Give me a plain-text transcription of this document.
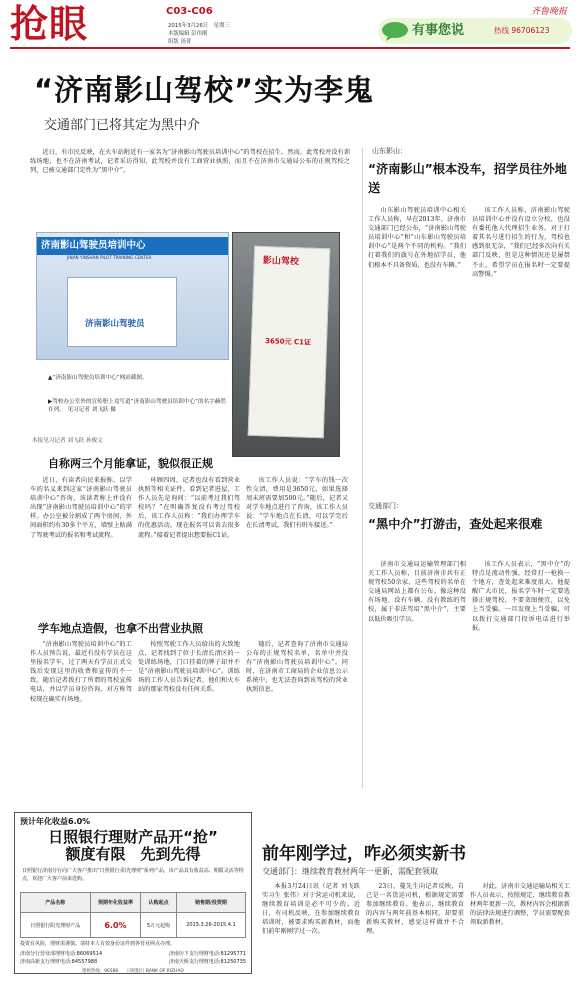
抢眼	C03-C06
2015年3月26日　星期三
本版编辑 彭伟刚
组版 汤菁
齐鲁晚报
有事您说	热线 96706123
“济南影山驾校”实为李鬼
交通部门已将其定为黑中介

近日，有市民反映，在火车站附近有一家名为“济南影山驾驶员培训中心”的驾校在招生。然而，此驾校并没有训练场地，也不在济南考试，记者采访得知，此驾校并没有工商营业执照，而且不在济南市交通局公布的正规驾校之列，已被交通部门定性为“黑中介”。

济南影山驾驶员培训中心
JINAN YINSHAN PILOT TRAINING CENTER
济南影山驾驶员
影山驾校
3650元 C1证
▲“济南影山驾驶员培训中心”网站截图。
▶驾校办公室外的宣传册上竟写道“济南影山驾驶员培训中心”的名字赫然在列。　见习记者 刘飞跃 摄
本报见习记者 刘飞跃 孙俊文
自称两三个月能拿证，貌似很正规

近日，有读者向民来报称，以学车的名义来到这家“济南影山驾驶员培训中心”咨询，该读者称上并没有出现“济南影山驾驶员培训中心”的字样。办公室被分割成了两个房间，外间面积约有30多个平方，墙壁上贴满了驾驶考试的报名和考试流程。

环顾四周，记者也没有看到营业执照等相关证件。看到记者进屋，工作人员先是询问：“以前考过我们驾校吗？”在明确答复没有考过驾校后，该工作人员称：“我们办理学车的优惠活动，现在报名可以省去很多流程。”接着记者提出想要报C1证。

该工作人员说：“学车的钱一次性交清，费用是3650元，如果选择周末班需要加500元。”随后，记者又对学车地点进行了咨询，该工作人员说：“学车地点在长清，可以学完后在长清考试，我们有班车接送。”

学车地点造假，也拿不出营业执照

“济南影山驾驶员培训中心”的工作人员预告说，最近有没有学员在这里报名学车，过了两天有学员正式交钱后发现这里的收费和宣传的不一致。随后记者拨打了所谓的驾校宣传电话，并以学员身份咨询，对方称驾校现在确实有场地。

按照驾驶工作人员给出的大致地点，记者找到了位于长清长清区的一处训练场地，门口挂着的牌子却并不是“济南影山驾驶员培训中心”。训练场的工作人员告诉记者，他们和火车站的那家驾校没有任何关系。

随后，记者查询了济南市交通局公布的正规驾校名单，名单中并没有“济南影山驾驶员培训中心”。同时，在济南市工商局的企业信息公示系统中，也无法查询到该驾校的营业执照信息。

山东影山：
“济南影山”根本没车，招学员往外地送

山东影山驾驶员培训中心相关工作人员称，早在2013年，济南市交通部门已经公布，“济南影山驾驶员培训中心”和“山东影山驾驶员培训中心”是两个不同的机构。“我们打着我们的旗号在外地招学员，他们根本不具备资质，也没有车辆。”

该工作人员称，济南影山驾驶员培训中心并没有设立分校，也没有委托他人代理招生业务。对于打着其名号进行招生的行为，驾校也感到很无奈，“我们已经多次向有关部门反映，但是这种情况还是屡禁不止，希望学员在报名时一定要提高警惕。”

交通部门：
“黑中介”打游击，查处起来很难

济南市交通局运输管理部门相关工作人员称，目前济南市共有正规驾校50余家，这些驾校的名单在交通局网站上都有公布。像这种没有场地、没有车辆、没有教练的驾校，属于非法驾培“黑中介”，主要以低价吸引学员。

该工作人员表示，“黑中介”的特点是流动性强，经常打一枪换一个地方，查处起来难度很大。他提醒广大市民，报名学车时一定要选择正规驾校，不要贪图便宜，以免上当受骗。一旦发现上当受骗，可以拨打交通部门投诉电话进行举报。

预计年化收益6.0%
日照银行理财产品开“抢”
额度有限　先到先得
日照银行济南分行向广大客户推出“日照银行·阳光理财”系列产品，该产品具有收益高、期限灵活等特点，欢迎广大客户前来选购。
产品名称	预期年化收益率	认购起点	销售期/投资期
日照银行阳光理财产品	6.0%	5万元起购	2015.3.26-2015.4.1
投资有风险，理财需谨慎。请持本人有效身份证件到各营业网点办理。
济南分行营业部理财电话:86069514	济南历下支行理财电话:81295771
济南高新支行理财电话:84557988	济南天桥支行理财电话:81250735
理财热线：96588　　日照银行 BANK OF RIZHAO
前年刚学过，咋必须实新书
交通部门：继续教育教材两年一更新，需配套领取

本报3月24日讯（记者 刘飞跃 实习生 张伟）对于营运司机来说，继续教育培训是必不可少的。近日，有司机反映，在参加继续教育培训时，被要求购买新教材，而他们前年刚刚学过一次。

23日，蔓先生向记者反映，自己是一名货运司机，根据规定需要参加继续教育。他表示，继续教育的内容与两年前基本相同，却要重新购买教材，感觉这样做并不合理。

对此，济南市交通运输局相关工作人员表示，按照规定，继续教育教材两年更新一次，教材内容会根据新的法律法规进行调整，学员需要配套领取新教材。
